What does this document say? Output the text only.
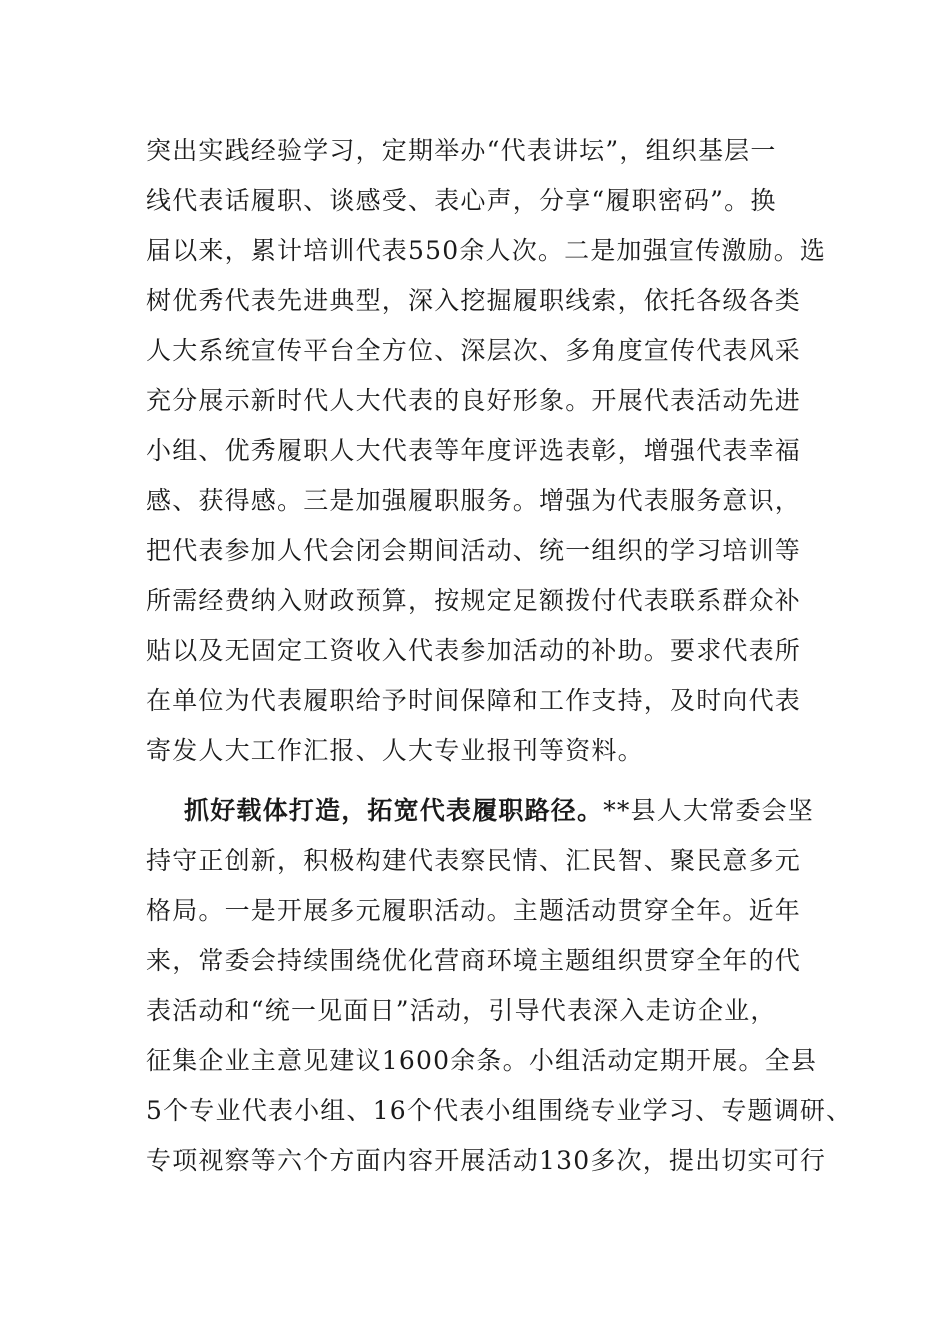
突出实践经验学习，定期举办“代表讲坛”，组织基层一
线代表话履职、谈感受、表心声，分享“履职密码”。换
届以来，累计培训代表550余人次。二是加强宣传激励。选
树优秀代表先进典型，深入挖掘履职线索，依托各级各类
人大系统宣传平台全方位、深层次、多角度宣传代表风采
充分展示新时代人大代表的良好形象。开展代表活动先进
小组、优秀履职人大代表等年度评选表彰，增强代表幸福
感、获得感。三是加强履职服务。增强为代表服务意识，
把代表参加人代会闭会期间活动、统一组织的学习培训等
所需经费纳入财政预算，按规定足额拨付代表联系群众补
贴以及无固定工资收入代表参加活动的补助。要求代表所
在单位为代表履职给予时间保障和工作支持，及时向代表
寄发人大工作汇报、人大专业报刊等资料。
抓好载体打造，拓宽代表履职路径。**县人大常委会坚
持守正创新，积极构建代表察民情、汇民智、聚民意多元
格局。一是开展多元履职活动。主题活动贯穿全年。近年
来，常委会持续围绕优化营商环境主题组织贯穿全年的代
表活动和“统一见面日”活动，引导代表深入走访企业，
征集企业主意见建议1600余条。小组活动定期开展。全县
5个专业代表小组、16个代表小组围绕专业学习、专题调研、
专项视察等六个方面内容开展活动130多次，提出切实可行
